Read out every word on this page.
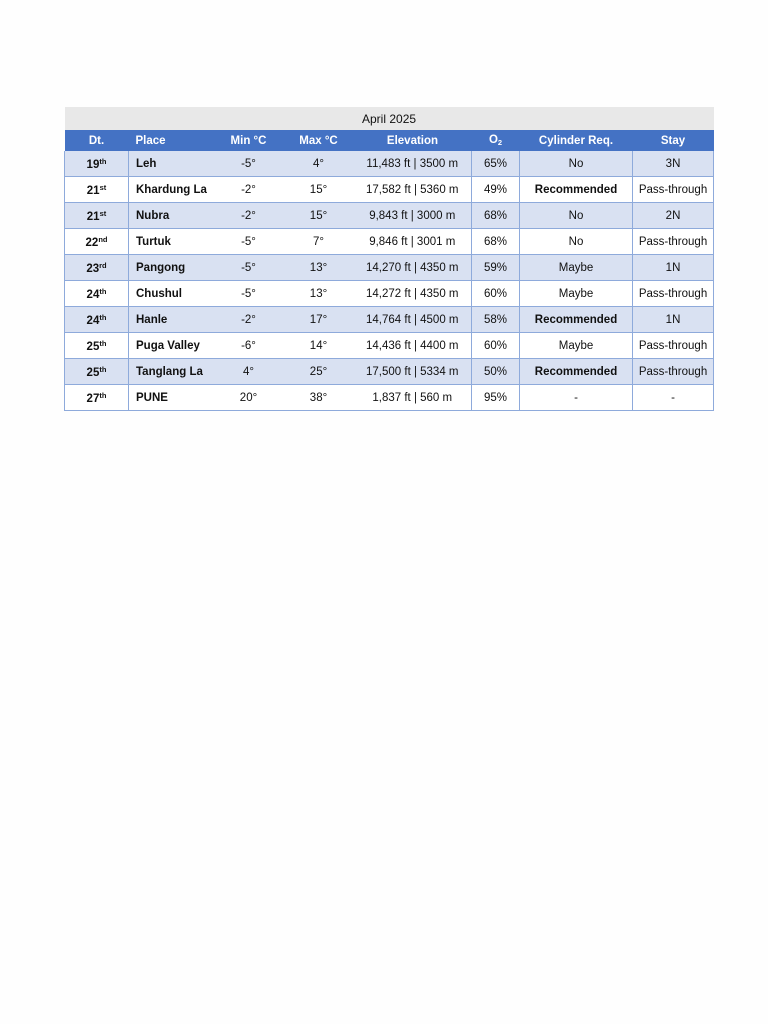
April 2025							
Dt.	Place	Min °C	Max °C	Elevation	$O_2$	Cylinder Req.	Stay
19th	Leh	-5°	4°	11,483 ft | 3500 m	65%	No	3N
21st	Khardung La	-2°	15°	17,582 ft | 5360 m	49%	Recommended	Pass-through
21st	Nubra	-2°	15°	9,843 ft | 3000 m	68%	No	2N
22nd	Turtuk	-5°	7°	9,846 ft | 3001 m	68%	No	Pass-through
23rd	Pangong	-5°	13°	14,270 ft | 4350 m	59%	Maybe	1N
24th	Chushul	-5°	13°	14,272 ft | 4350 m	60%	Maybe	Pass-through
24th	Hanle	-2°	17°	14,764 ft | 4500 m	58%	Recommended	1N
25th	Puga Valley	-6°	14°	14,436 ft | 4400 m	60%	Maybe	Pass-through
25th	Tanglang La	4°	25°	17,500 ft | 5334 m	50%	Recommended	Pass-through
27th	PUNE	20°	38°	1,837 ft | 560 m	95%	-	-
